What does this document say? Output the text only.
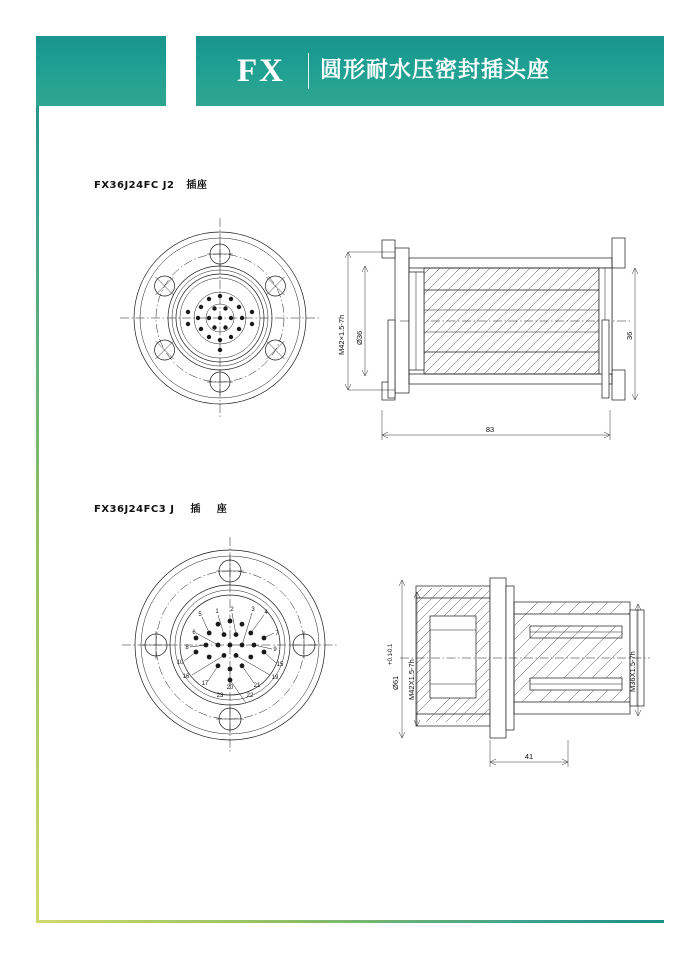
FX	圆形耐水压密封插头座
FX36J24FC J2   插座
M42×1.5-7h Ø36	36
83
FX36J24FC3 J    插    座
1 2	3 4
5
6	7
8	9
10	15
16
17
20	21
19
23	22
Ø61
+0.1
-0.1
M42X1.5-7h	M36X1.5-7h
41
